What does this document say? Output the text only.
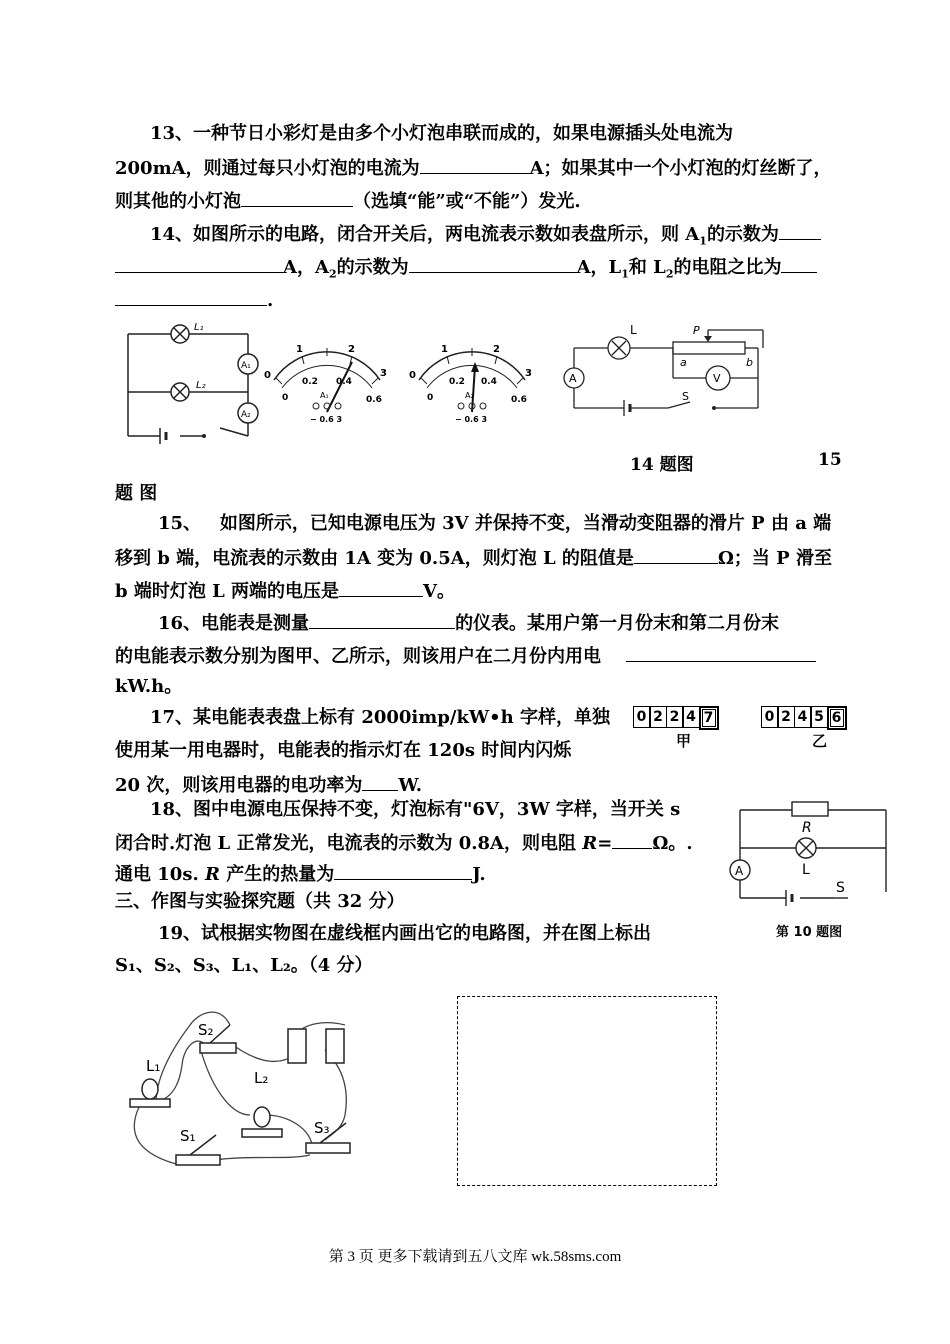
13、一种节日小彩灯是由多个小灯泡串联而成的，如果电源插头处电流为
200mA，则通过每只小灯泡的电流为	A；如果其中一个小灯泡的灯丝断了，
则其他的小灯泡	（选填“能”或“不能”）发光.
14、如图所示的电路，闭合开关后，两电流表示数如表盘所示，则 $A_1$的示数为
A，$A_2$的示数为	A，$L_1$和 $L_2$的电阻之比为
.
L₁
L₂
A₁
A₂
0
1	2
3
0
0.2 0.4
0.6
A₁
− 0.6 3
0
1	2
3
0
0.2 0.4
0.6
A₂
− 0.6 3
L	P
a	b
A	V
S
14 题图	15
题 图
15、 如图所示，已知电源电压为 3V 并保持不变，当滑动变阻器的滑片 P 由 a 端
移到 b 端，电流表的示数由 1A 变为 0.5A，则灯泡 L 的阻值是	Ω；当 P 滑至
b 端时灯泡 L 两端的电压是	V。
16、电能表是测量	的仪表。某用户第一月份末和第二月份末
的电能表示数分别为图甲、乙所示，则该用户在二月份内用电
kW.h。
17、某电能表表盘上标有 2000imp/kW•h 字样，单独
使用某一用电器时，电能表的指示灯在 120s 时间内闪烁
20 次，则该用电器的电功率为 W.
0 2 2 4 7
甲
0 2 4 5 6
乙
18、图中电源电压保持不变，灯泡标有"6V，3W 字样，当开关 s
闭合时.灯泡 L 正常发光，电流表的示数为 0.8A，则电阻 R= Ω。.
通电 10s. R 产生的热量为	J.
R
L
A
S
第 10 题图
三、作图与实验探究题（共 32 分）
19、试根据实物图在虚线框内画出它的电路图，并在图上标出
S₁、S₂、S₃、L₁、L₂。（4 分）
S₂
L₁
L₂
S₁	S₃
第 3 页 更多下载请到五八文库 wk.58sms.com
